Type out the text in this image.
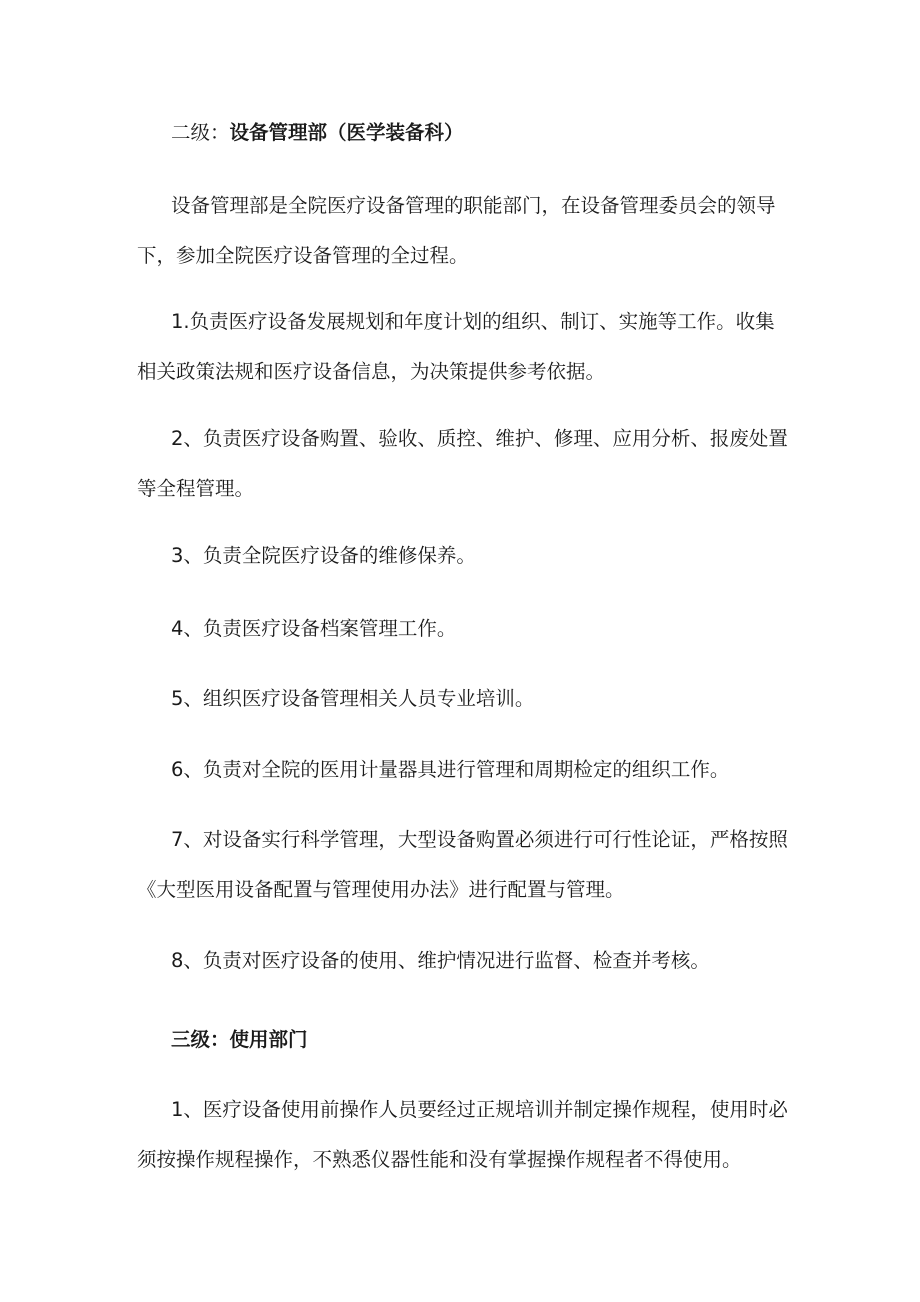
二级：设备管理部（医学装备科）

设备管理部是全院医疗设备管理的职能部门，在设备管理委员会的领导下，参加全院医疗设备管理的全过程。

1.负责医疗设备发展规划和年度计划的组织、制订、实施等工作。收集相关政策法规和医疗设备信息，为决策提供参考依据。

2、负责医疗设备购置、验收、质控、维护、修理、应用分析、报废处置等全程管理。

3、负责全院医疗设备的维修保养。

4、负责医疗设备档案管理工作。

5、组织医疗设备管理相关人员专业培训。

6、负责对全院的医用计量器具进行管理和周期检定的组织工作。

7、对设备实行科学管理，大型设备购置必须进行可行性论证，严格按照《大型医用设备配置与管理使用办法》进行配置与管理。

8、负责对医疗设备的使用、维护情况进行监督、检查并考核。

三级：使用部门

1、医疗设备使用前操作人员要经过正规培训并制定操作规程，使用时必须按操作规程操作，不熟悉仪器性能和没有掌握操作规程者不得使用。
